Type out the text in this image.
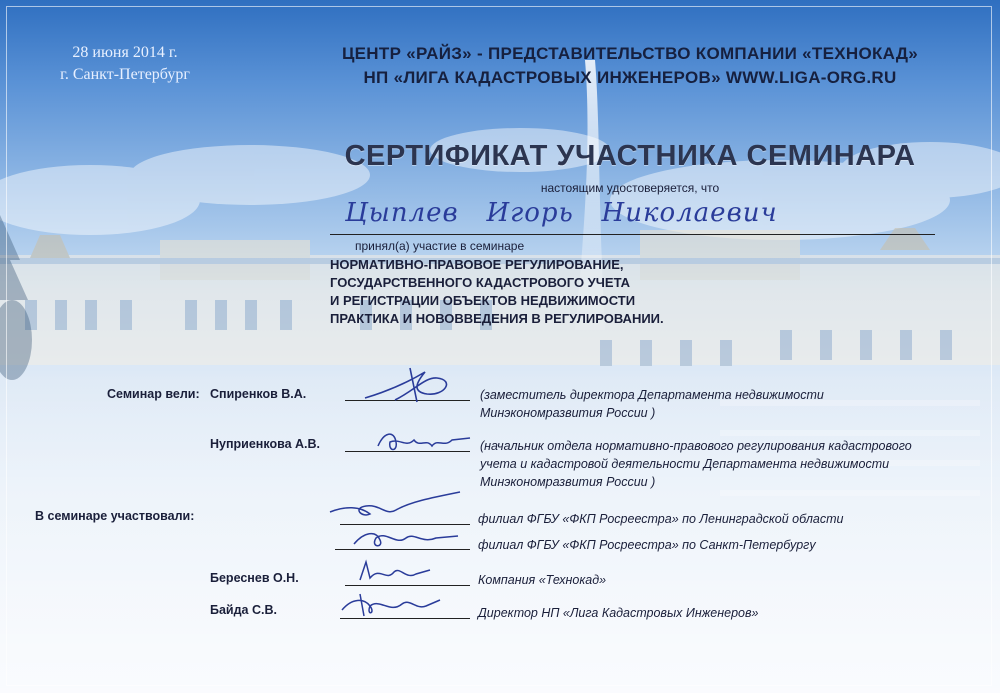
28 июня 2014 г.
г. Санкт-Петербург
ЦЕНТР «РАЙЗ» - ПРЕДСТАВИТЕЛЬСТВО КОМПАНИИ «ТЕХНОКАД»
НП «ЛИГА КАДАСТРОВЫХ ИНЖЕНЕРОВ» WWW.LIGA-ORG.RU
СЕРТИФИКАТ УЧАСТНИКА СЕМИНАРА
настоящим удостоверяется, что
Цыплев   Игорь   Николаевич
принял(а) участие в семинаре
НОРМАТИВНО-ПРАВОВОЕ РЕГУЛИРОВАНИЕ,
ГОСУДАРСТВЕННОГО КАДАСТРОВОГО УЧЕТА
И РЕГИСТРАЦИИ ОБЪЕКТОВ НЕДВИЖИМОСТИ
ПРАКТИКА И НОВОВВЕДЕНИЯ В РЕГУЛИРОВАНИИ.
Семинар вели: Спиренков В.А.	(заместитель директора Департамента недвижимости
Минэкономразвития России )
Нуприенкова А.В.	(начальник отдела нормативно-правового регулирования кадастрового
учета и кадастровой деятельности Департамента недвижимости
Минэкономразвития России )
В семинаре участвовали:	филиал ФГБУ «ФКП Росреестра» по Ленинградской области
филиал ФГБУ «ФКП Росреестра» по Санкт-Петербургу
Береснев О.Н.	Компания «Технокад»
Байда С.В.	Директор НП «Лига Кадастровых Инженеров»
